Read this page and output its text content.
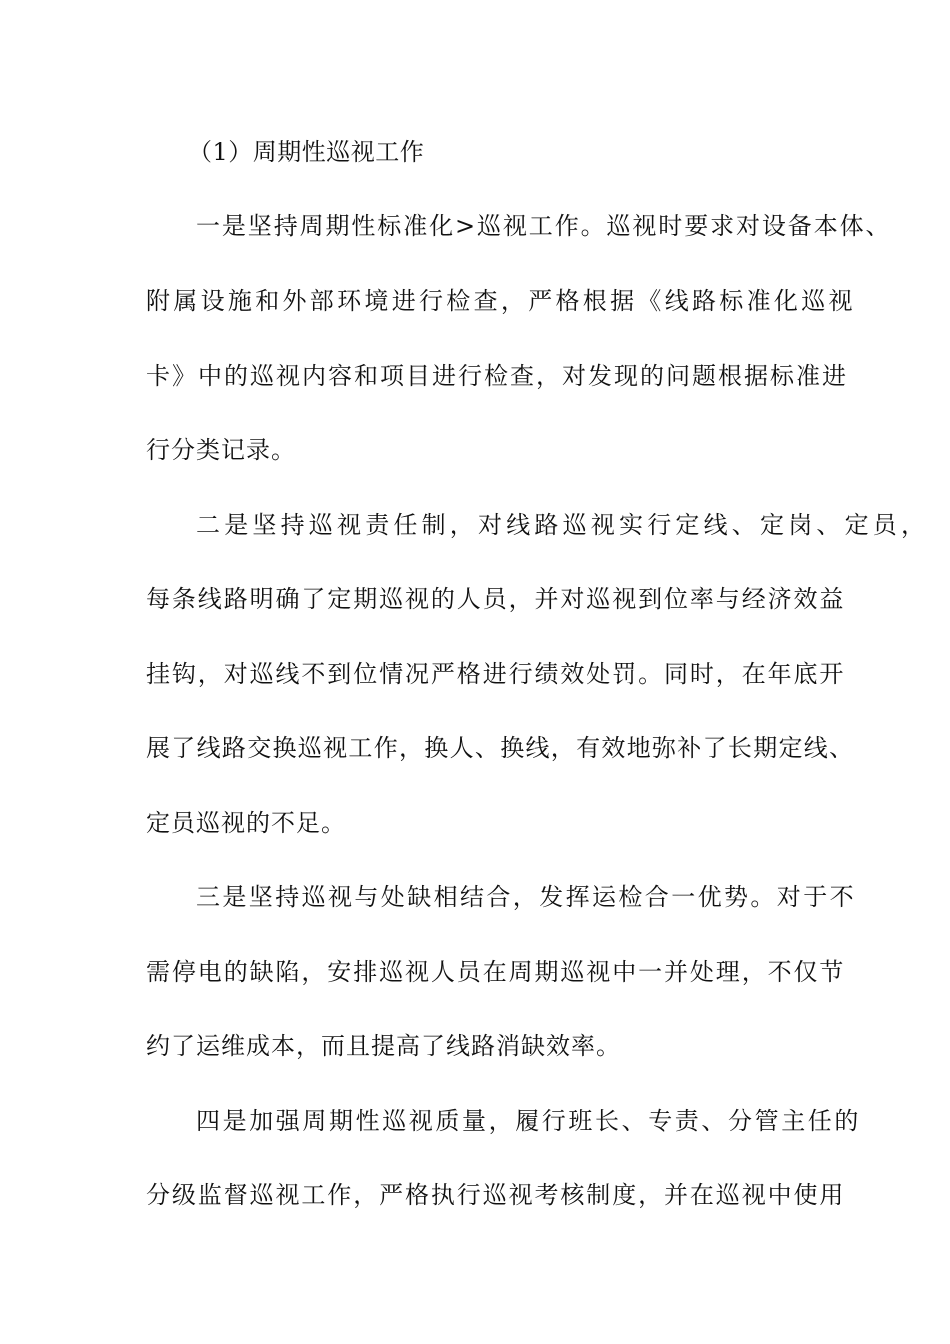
（1）周期性巡视工作
一是坚持周期性标准化>巡视工作。巡视时要求对设备本体、
附属设施和外部环境进行检查，严格根据《线路标准化巡视
卡》中的巡视内容和项目进行检查，对发现的问题根据标准进
行分类记录。
二是坚持巡视责任制，对线路巡视实行定线、定岗、定员，
每条线路明确了定期巡视的人员，并对巡视到位率与经济效益
挂钩，对巡线不到位情况严格进行绩效处罚。同时，在年底开
展了线路交换巡视工作，换人、换线，有效地弥补了长期定线、
定员巡视的不足。
三是坚持巡视与处缺相结合，发挥运检合一优势。对于不
需停电的缺陷，安排巡视人员在周期巡视中一并处理，不仅节
约了运维成本，而且提高了线路消缺效率。
四是加强周期性巡视质量，履行班长、专责、分管主任的
分级监督巡视工作，严格执行巡视考核制度，并在巡视中使用
